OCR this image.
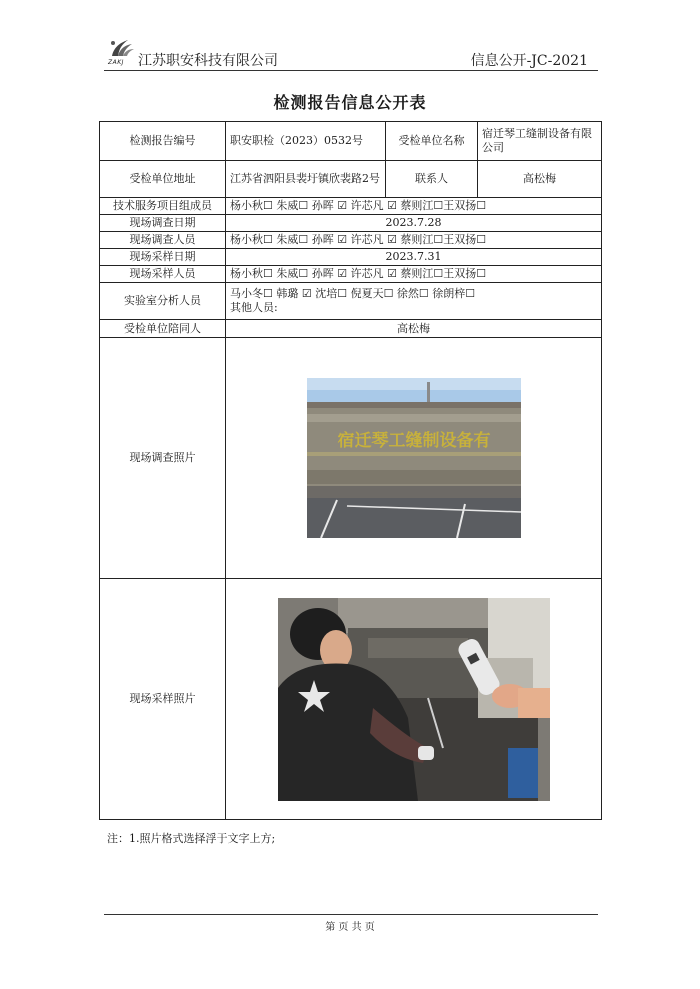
ZAKJ 江苏职安科技有限公司	信息公开-JC-2021
检测报告信息公开表
检测报告编号	职安职检（2023）0532号	受检单位名称	宿迁琴工缝制设备有限公司
受检单位地址	江苏省泗阳县裴圩镇欣裴路2号	联系人	高松梅
技术服务项目组成员	杨小秋☐ 朱威☐ 孙晖 ☑ 许芯凡 ☑ 蔡则江☐王双扬☐		
现场调查日期	2023.7.28		
现场调查人员	杨小秋☐ 朱威☐ 孙晖 ☑ 许芯凡 ☑ 蔡则江☐王双扬☐		
现场采样日期	2023.7.31		
现场采样人员	杨小秋☐ 朱威☐ 孙晖 ☑ 许芯凡 ☑ 蔡则江☐王双扬☐		
实验室分析人员	马小冬☐ 韩璐 ☑ 沈培☐ 倪夏天☐ 徐然☐ 徐朗梓☐
其他人员:		

受检单位陪同人	高松梅		
现场调查照片	宿迁琴工缝制设备有		

现场采样照片	
注：1.照片格式选择浮于文字上方;
第 页 共 页
